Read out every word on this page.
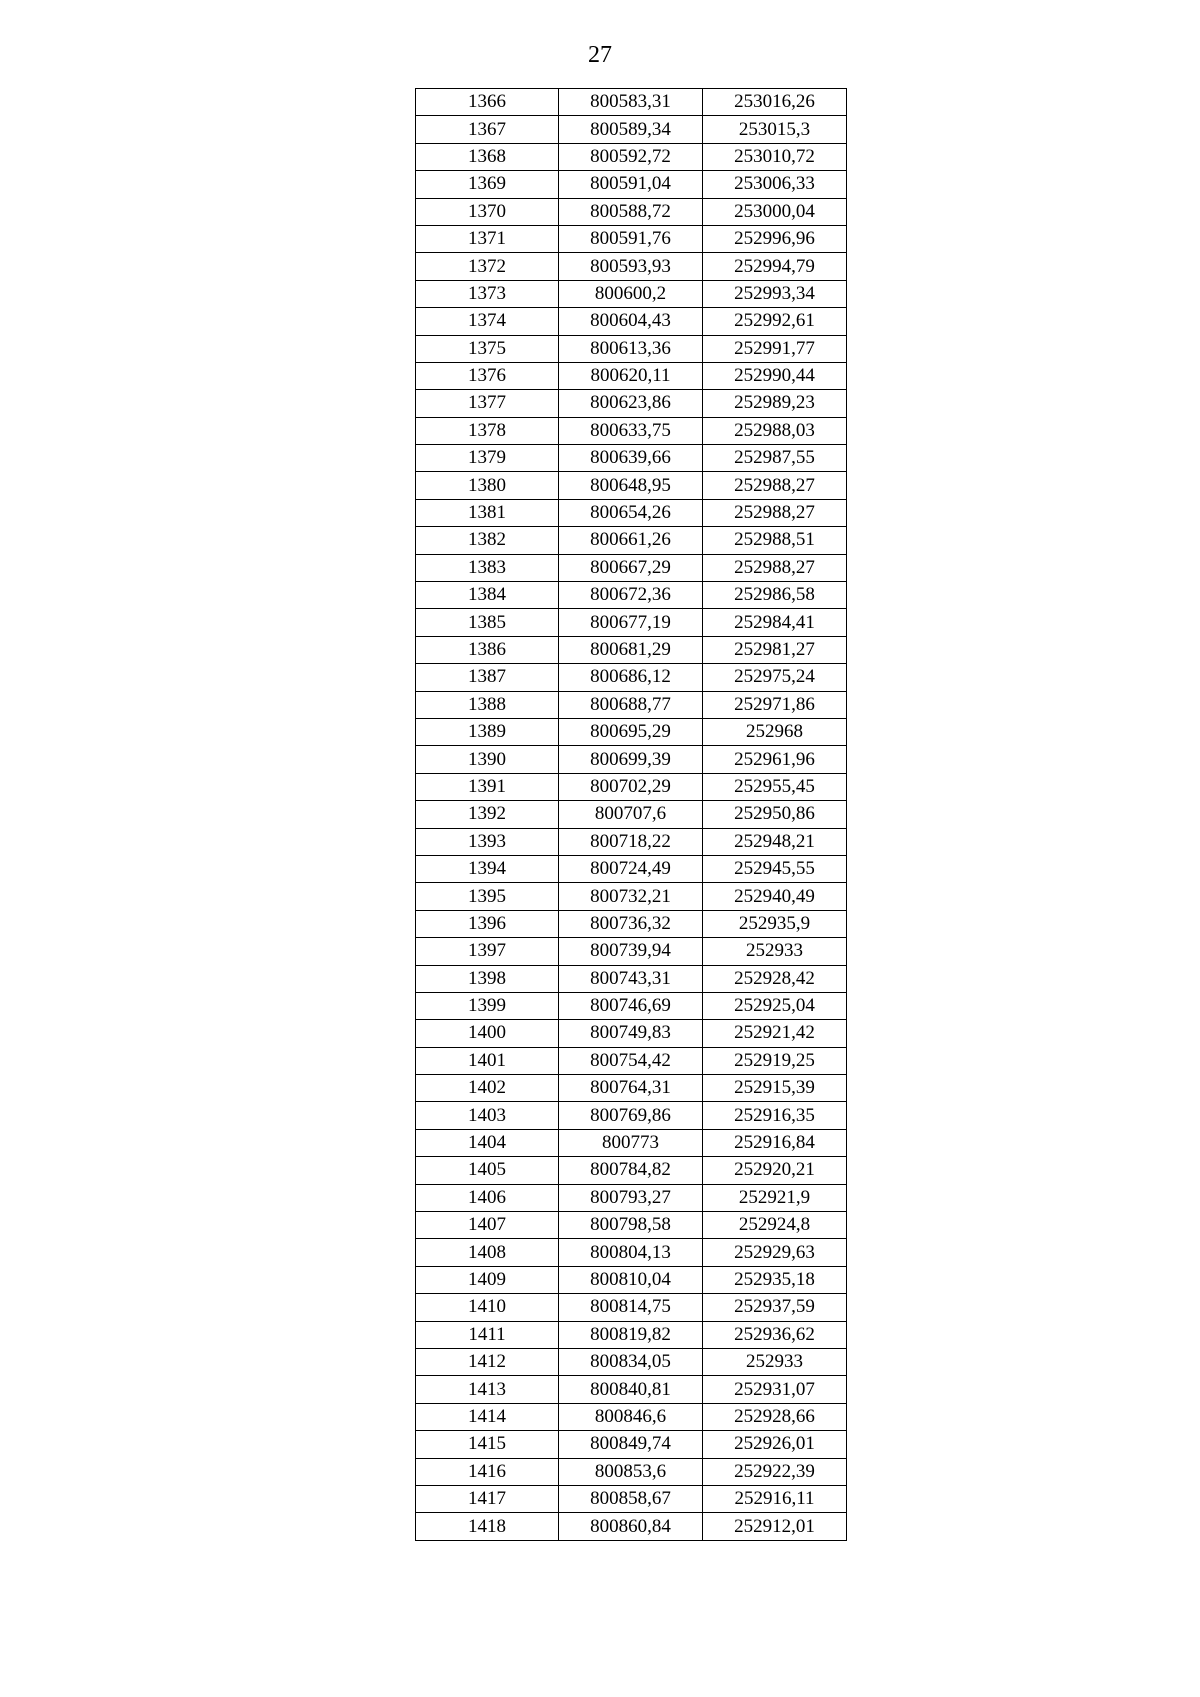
27
1366	800583,31	253016,26
1367	800589,34	253015,3
1368	800592,72	253010,72
1369	800591,04	253006,33
1370	800588,72	253000,04
1371	800591,76	252996,96
1372	800593,93	252994,79
1373	800600,2	252993,34
1374	800604,43	252992,61
1375	800613,36	252991,77
1376	800620,11	252990,44
1377	800623,86	252989,23
1378	800633,75	252988,03
1379	800639,66	252987,55
1380	800648,95	252988,27
1381	800654,26	252988,27
1382	800661,26	252988,51
1383	800667,29	252988,27
1384	800672,36	252986,58
1385	800677,19	252984,41
1386	800681,29	252981,27
1387	800686,12	252975,24
1388	800688,77	252971,86
1389	800695,29	252968
1390	800699,39	252961,96
1391	800702,29	252955,45
1392	800707,6	252950,86
1393	800718,22	252948,21
1394	800724,49	252945,55
1395	800732,21	252940,49
1396	800736,32	252935,9
1397	800739,94	252933
1398	800743,31	252928,42
1399	800746,69	252925,04
1400	800749,83	252921,42
1401	800754,42	252919,25
1402	800764,31	252915,39
1403	800769,86	252916,35
1404	800773	252916,84
1405	800784,82	252920,21
1406	800793,27	252921,9
1407	800798,58	252924,8
1408	800804,13	252929,63
1409	800810,04	252935,18
1410	800814,75	252937,59
1411	800819,82	252936,62
1412	800834,05	252933
1413	800840,81	252931,07
1414	800846,6	252928,66
1415	800849,74	252926,01
1416	800853,6	252922,39
1417	800858,67	252916,11
1418	800860,84	252912,01
